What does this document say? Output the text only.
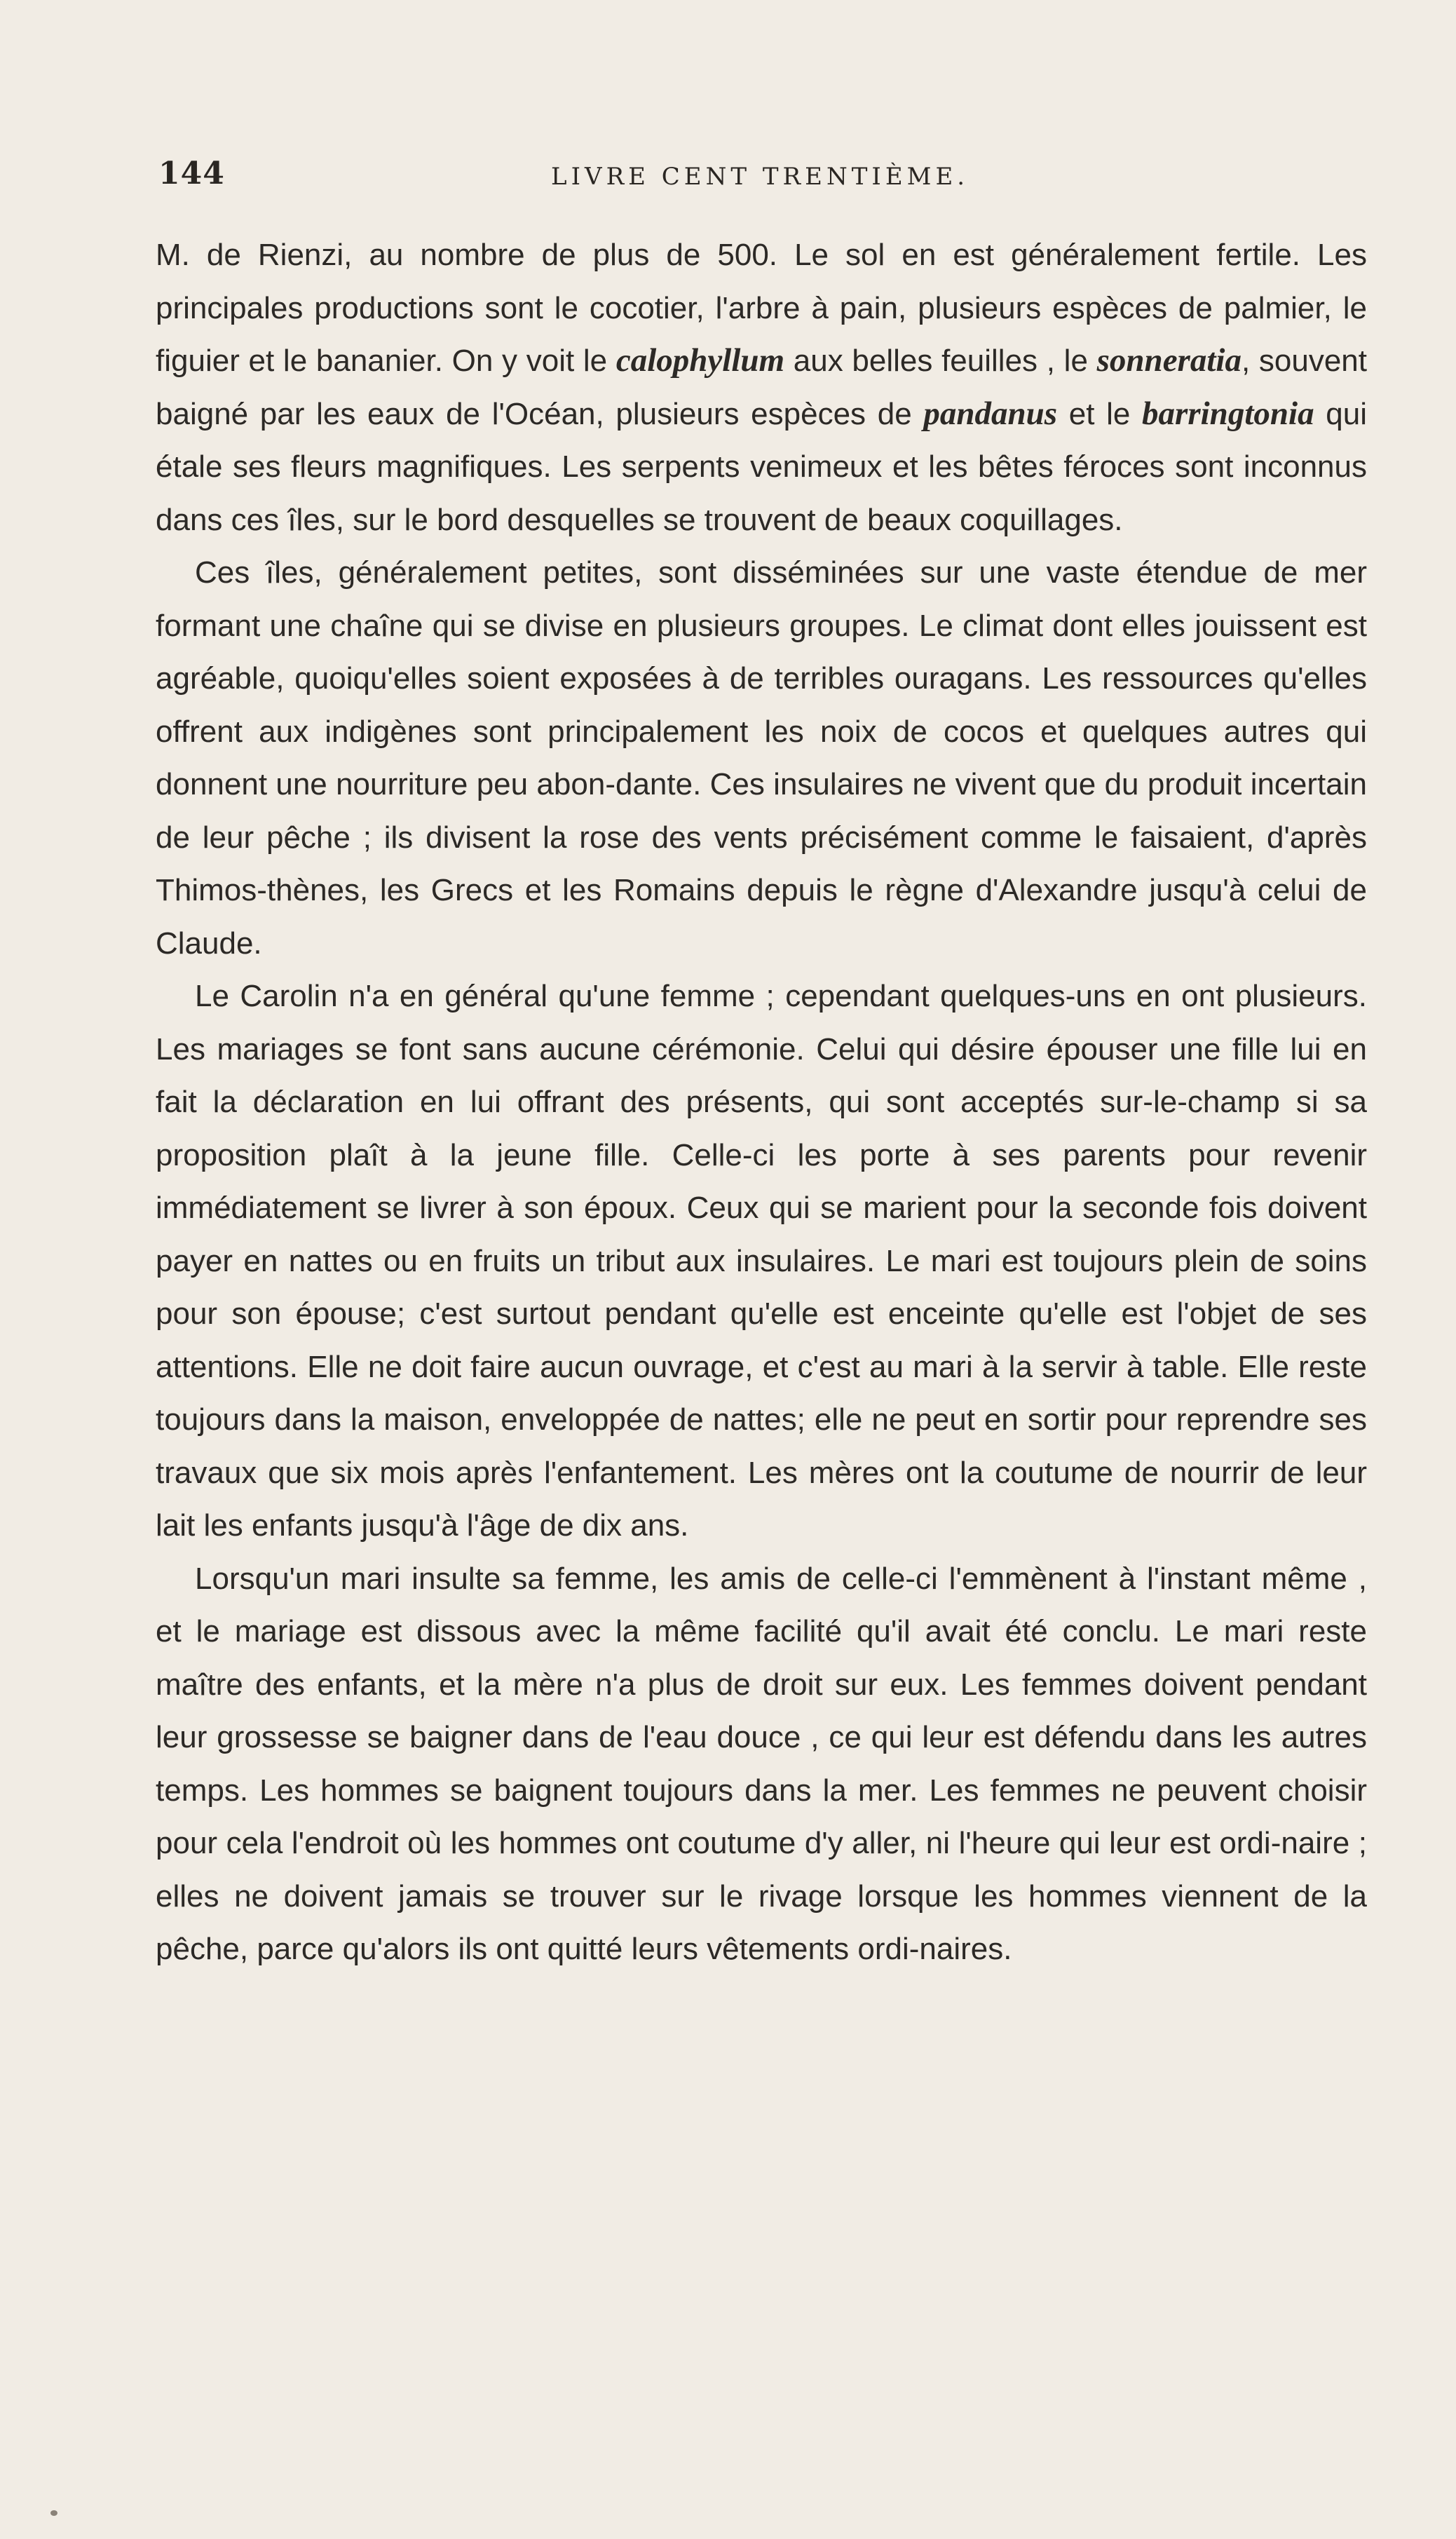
144	LIVRE CENT TRENTIÈME.

M. de Rienzi, au nombre de plus de 500. Le sol en est généralement fertile. Les principales productions sont le cocotier, l'arbre à pain, plusieurs espèces de palmier, le figuier et le bananier. On y voit le calophyllum aux belles feuilles , le sonneratia, souvent baigné par les eaux de l'Océan, plusieurs espèces de pandanus et le barringtonia qui étale ses fleurs magnifiques. Les serpents venimeux et les bêtes féroces sont inconnus dans ces îles, sur le bord desquelles se trouvent de beaux coquillages.

Ces îles, généralement petites, sont disséminées sur une vaste étendue de mer formant une chaîne qui se divise en plusieurs groupes. Le climat dont elles jouissent est agréable, quoiqu'elles soient exposées à de terribles ouragans. Les ressources qu'elles offrent aux indigènes sont principalement les noix de cocos et quelques autres qui donnent une nourriture peu abon-dante. Ces insulaires ne vivent que du produit incertain de leur pêche ; ils divisent la rose des vents précisément comme le faisaient, d'après Thimos-thènes, les Grecs et les Romains depuis le règne d'Alexandre jusqu'à celui de Claude.

Le Carolin n'a en général qu'une femme ; cependant quelques-uns en ont plusieurs. Les mariages se font sans aucune cérémonie. Celui qui désire épouser une fille lui en fait la déclaration en lui offrant des présents, qui sont acceptés sur-le-champ si sa proposition plaît à la jeune fille. Celle-ci les porte à ses parents pour revenir immédiatement se livrer à son époux. Ceux qui se marient pour la seconde fois doivent payer en nattes ou en fruits un tribut aux insulaires. Le mari est toujours plein de soins pour son épouse; c'est surtout pendant qu'elle est enceinte qu'elle est l'objet de ses attentions. Elle ne doit faire aucun ouvrage, et c'est au mari à la servir à table. Elle reste toujours dans la maison, enveloppée de nattes; elle ne peut en sortir pour reprendre ses travaux que six mois après l'enfantement. Les mères ont la coutume de nourrir de leur lait les enfants jusqu'à l'âge de dix ans.

Lorsqu'un mari insulte sa femme, les amis de celle-ci l'emmènent à l'instant même , et le mariage est dissous avec la même facilité qu'il avait été conclu. Le mari reste maître des enfants, et la mère n'a plus de droit sur eux. Les femmes doivent pendant leur grossesse se baigner dans de l'eau douce , ce qui leur est défendu dans les autres temps. Les hommes se baignent toujours dans la mer. Les femmes ne peuvent choisir pour cela l'endroit où les hommes ont coutume d'y aller, ni l'heure qui leur est ordi-naire ; elles ne doivent jamais se trouver sur le rivage lorsque les hommes viennent de la pêche, parce qu'alors ils ont quitté leurs vêtements ordi-naires.
